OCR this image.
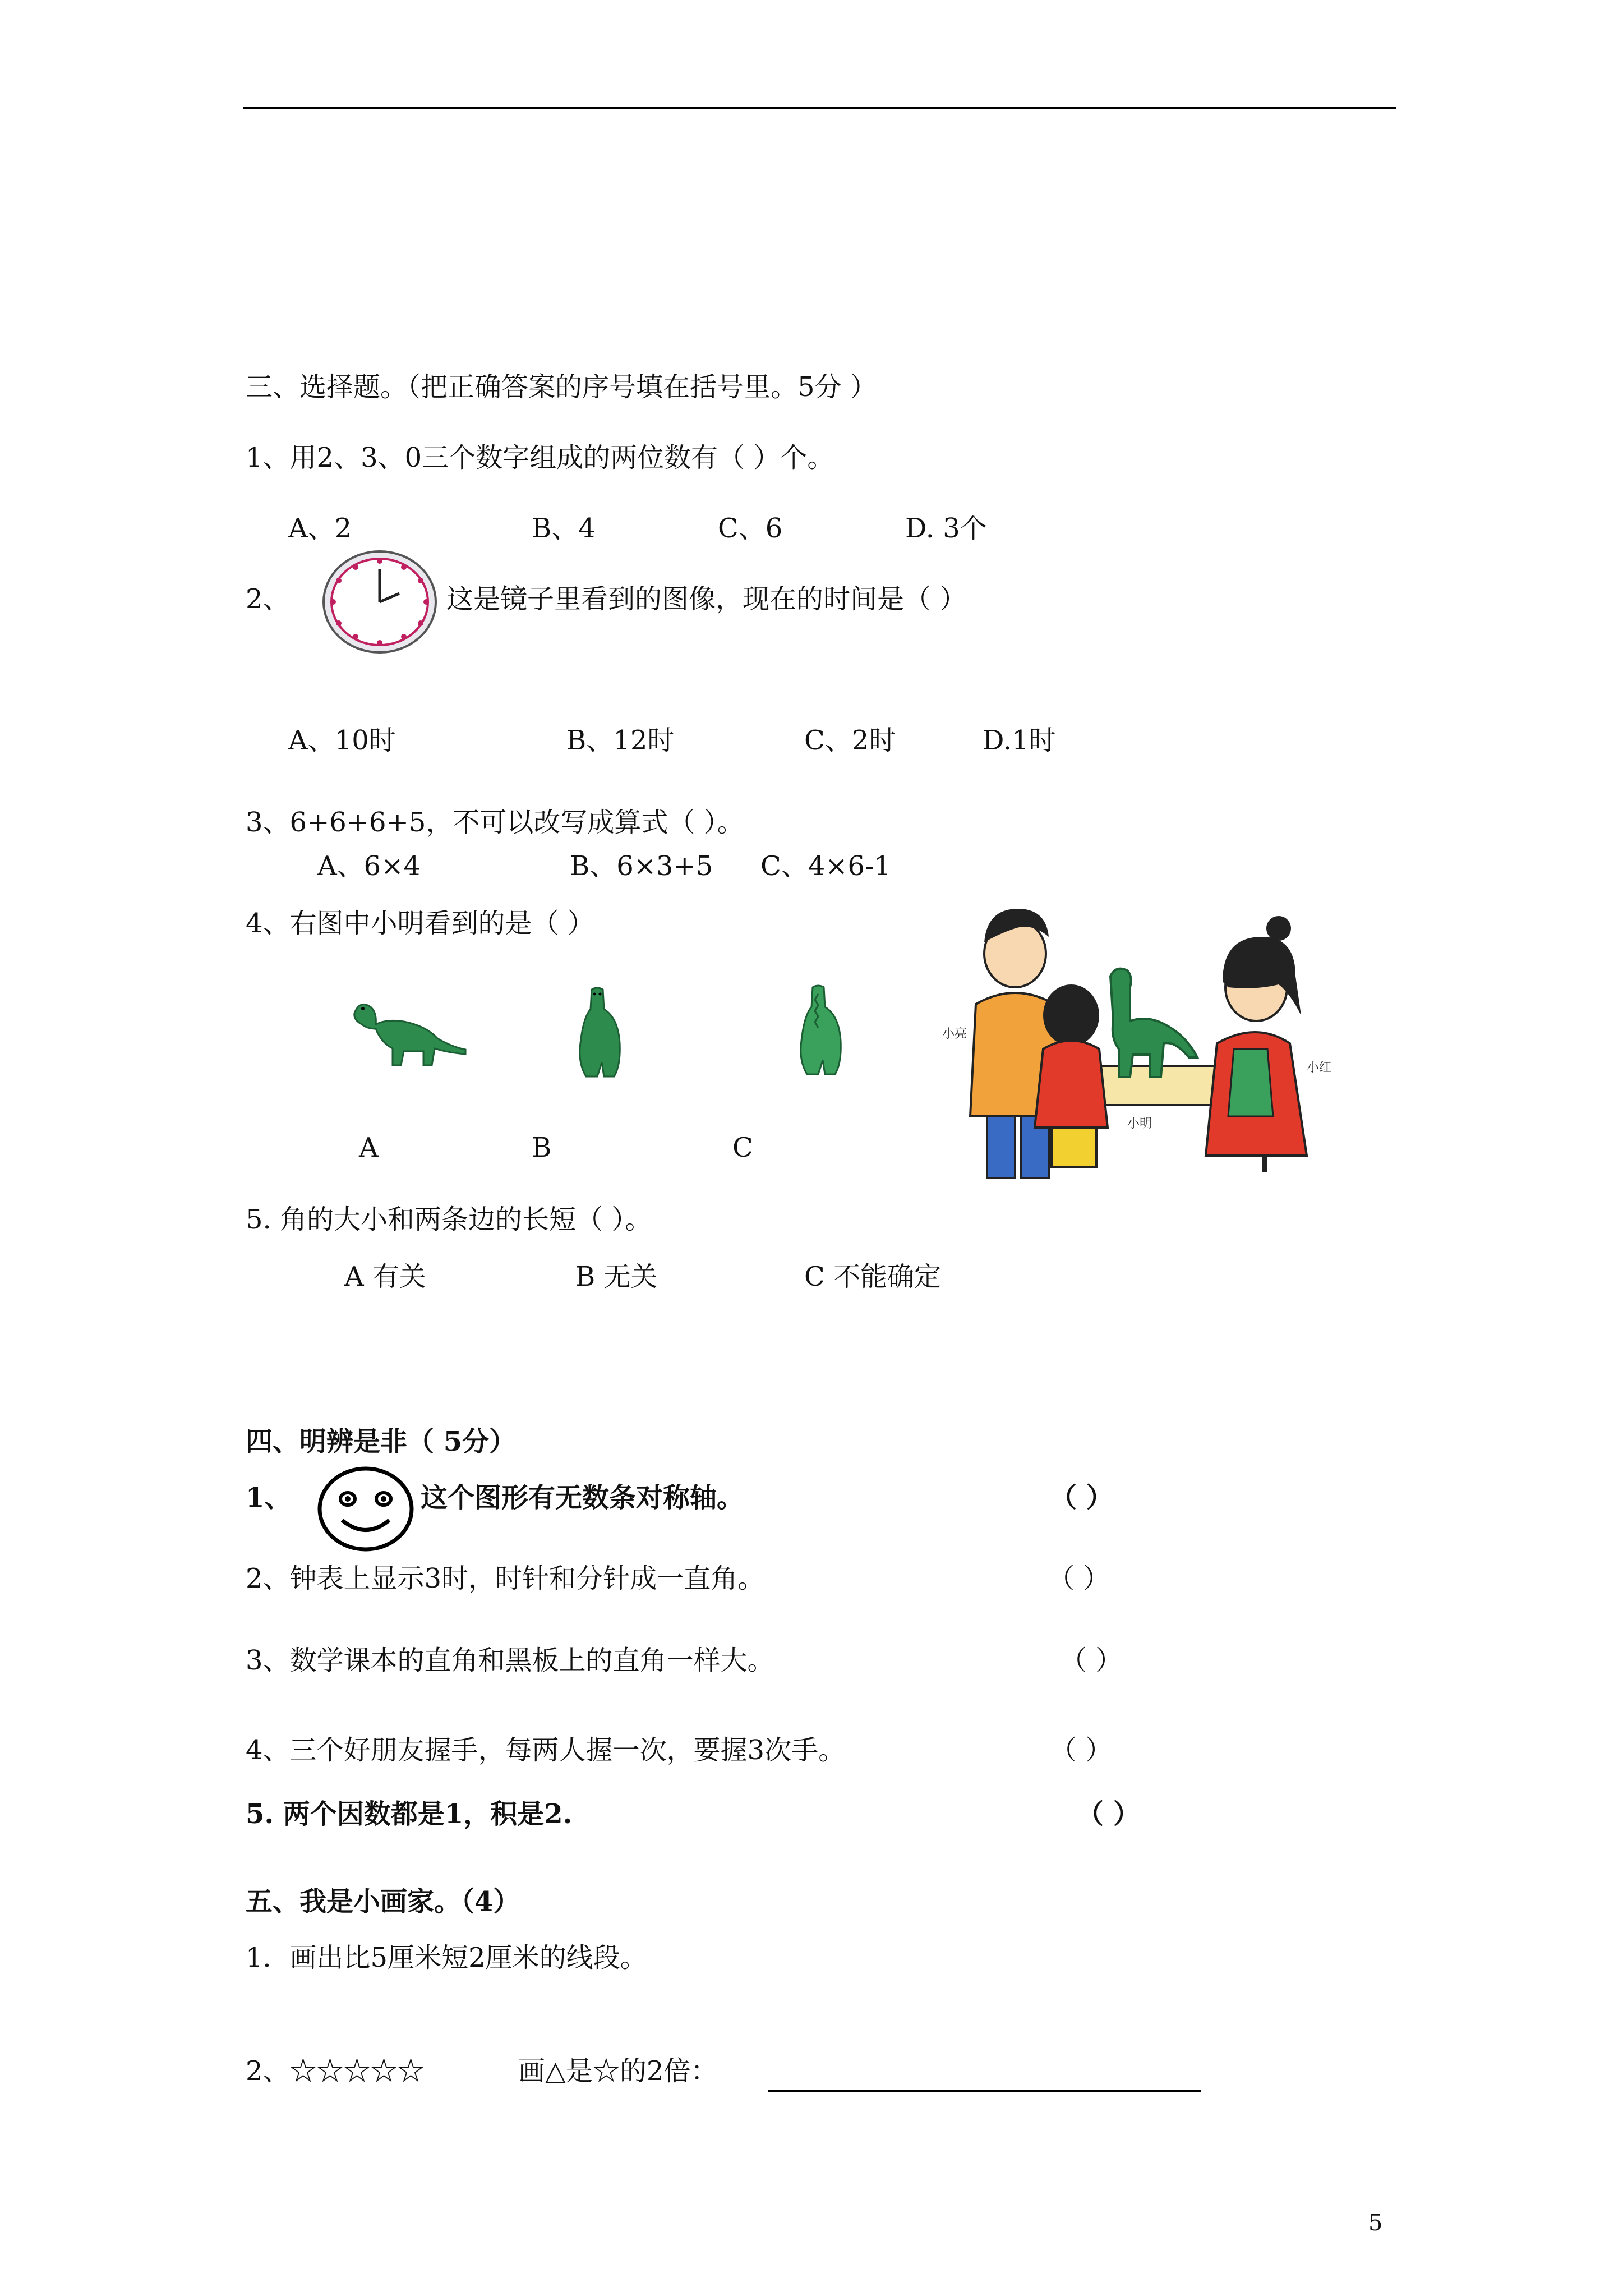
三、选择题。（把正确答案的序号填在括号里。5分 ）
1、用2、3、0三个数字组成的两位数有（ ）个。
A、2	B、4	C、6	D. 3个
2、	这是镜子里看到的图像，现在的时间是（ ）
A、10时	B、12时	C、2时	D.1时
3、6+6+6+5，不可以改写成算式（ ）。
A、6×4	B、6×3+5 C、4×6-1
4、右图中小明看到的是（ ）
A	B	C
小亮
小红
小明
5. 角的大小和两条边的长短（ ）。
A 有关	B 无关	C 不能确定
四、明辨是非（ 5分）
1、	这个图形有无数条对称轴。	（ ）
2、钟表上显示3时，时针和分针成一直角。	（ ）
3、数学课本的直角和黑板上的直角一样大。	（ ）
4、三个好朋友握手，每两人握一次，要握3次手。	（ ）
5. 两个因数都是1，积是2.	（ ）
五、我是小画家。（4）
1．画出比5厘米短2厘米的线段。
2、☆☆☆☆☆	画△是☆的2倍：
5
